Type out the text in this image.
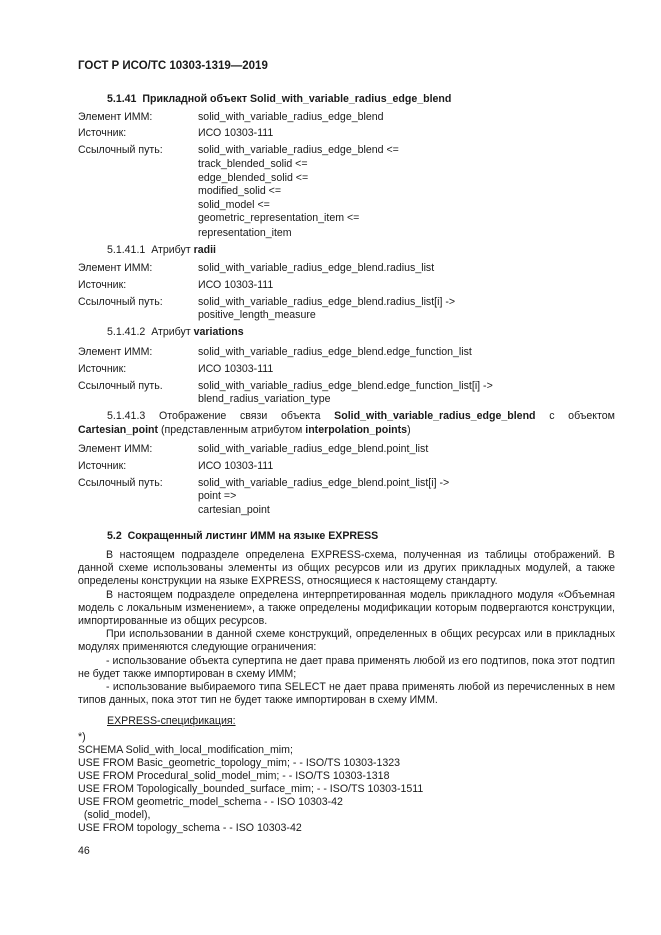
ГОСТ Р ИСО/ТС 10303-1319—2019
5.1.41 Прикладной объект Solid_with_variable_radius_edge_blend
Элемент ИММ:	solid_with_variable_radius_edge_blend
Источник:	ИСО 10303-111
Ссылочный путь:	solid_with_variable_radius_edge_blend <=
track_blended_solid <=
edge_blended_solid <=
modified_solid <=
solid_model <=
geometric_representation_item <=
representation_item
5.1.41.1 Атрибут radii
Элемент ИММ:	solid_with_variable_radius_edge_blend.radius_list
Источник:	ИСО 10303-111
Ссылочный путь:	solid_with_variable_radius_edge_blend.radius_list[i] ->
positive_length_measure
5.1.41.2 Атрибут variations
Элемент ИММ:	solid_with_variable_radius_edge_blend.edge_function_list
Источник:	ИСО 10303-111
Ссылочный путь.	solid_with_variable_radius_edge_blend.edge_function_list[i] ->
blend_radius_variation_type
5.1.41.3 Отображение связи объекта Solid_with_variable_radius_edge_blend с объектом
Cartesian_point (представленным атрибутом interpolation_points)
Элемент ИММ:	solid_with_variable_radius_edge_blend.point_list
Источник:	ИСО 10303-111
Ссылочный путь:	solid_with_variable_radius_edge_blend.point_list[i] ->
point =>
cartesian_point
5.2 Сокращенный листинг ИММ на языке EXPRESS

В настоящем подразделе определена EXPRESS-схема, полученная из таблицы отображений. В данной схеме использованы элементы из общих ресурсов или из других прикладных модулей, а также определены конструкции на языке EXPRESS, относящиеся к настоящему стандарту.

В настоящем подразделе определена интерпретированная модель прикладного модуля «Объемная модель с локальным изменением», а также определены модификации которым подвергаются конструкции, импортированные из общих ресурсов.

При использовании в данной схеме конструкций, определенных в общих ресурсах или в прикладных модулях применяются следующие ограничения:

- использование объекта супертипа не дает права применять любой из его подтипов, пока этот подтип не будет также импортирован в схему ИММ;

- использование выбираемого типа SELECT не дает права применять любой из перечисленных в нем типов данных, пока этот тип не будет также импортирован в схему ИММ.

EXPRESS-спецификация:
*)
SCHEMA Solid_with_local_modification_mim;
USE FROM Basic_geometric_topology_mim; - - ISO/TS 10303-1323
USE FROM Procedural_solid_model_mim; - - ISO/TS 10303-1318
USE FROM Topologically_bounded_surface_mim; - - ISO/TS 10303-1511
USE FROM geometric_model_schema - - ISO 10303-42
(solid_model),
USE FROM topology_schema - - ISO 10303-42
46
